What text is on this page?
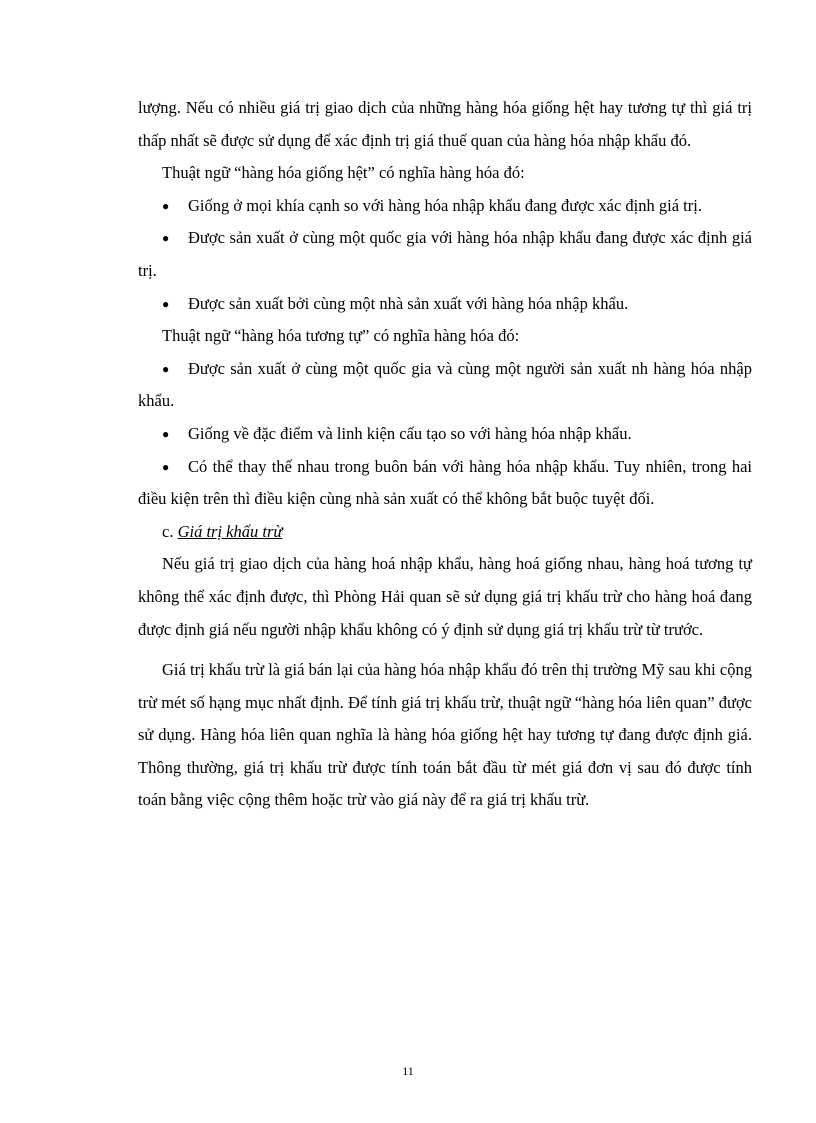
lượng. Nếu có nhiều giá trị giao dịch của những hàng hóa giống hệt hay tương tự thì giá trị thấp nhất sẽ được sử dụng để xác định trị giá thuế quan của hàng hóa nhập khẩu đó.

Thuật ngữ “hàng hóa giống hệt” có nghĩa hàng hóa đó:

● Giống ở mọi khía cạnh so với hàng hóa nhập khẩu đang được xác định giá trị.

● Được sản xuất ở cùng một quốc gia với hàng hóa nhập khẩu đang được xác định giá trị.

● Được sản xuất bởi cùng một nhà sản xuất với hàng hóa nhập khẩu.

Thuật ngữ “hàng hóa tương tự” có nghĩa hàng hóa đó:

● Được sản xuất ở cùng một quốc gia và cùng một người sản xuất nh hàng hóa nhập khẩu.

● Giống về đặc điểm và linh kiện cấu tạo so với hàng hóa nhập khẩu.

● Có thể thay thế nhau trong buôn bán với hàng hóa nhập khẩu. Tuy nhiên, trong hai điều kiện trên thì điều kiện cùng nhà sản xuất có thể không bắt buộc tuyệt đối.

c. Giá trị khấu trừ

Nếu giá trị giao dịch của hàng hoá nhập khẩu, hàng hoá giống nhau, hàng hoá tương tự không thể xác định được, thì Phòng Hải quan sẽ sử dụng giá trị khấu trừ cho hàng hoá đang được định giá nếu người nhập khẩu không có ý định sử dụng giá trị khấu trừ từ trước.

Giá trị khấu trừ là giá bán lại của hàng hóa nhập khẩu đó trên thị trường Mỹ sau khi cộng trừ mét số hạng mục nhất định. Để tính giá trị khấu trừ, thuật ngữ “hàng hóa liên quan” được sử dụng. Hàng hóa liên quan nghĩa là hàng hóa giống hệt hay tương tự đang được định giá. Thông thường, giá trị khấu trừ được tính toán bắt đầu từ mét giá đơn vị sau đó được tính toán bằng việc cộng thêm hoặc trừ vào giá này để ra giá trị khấu trừ.

11
